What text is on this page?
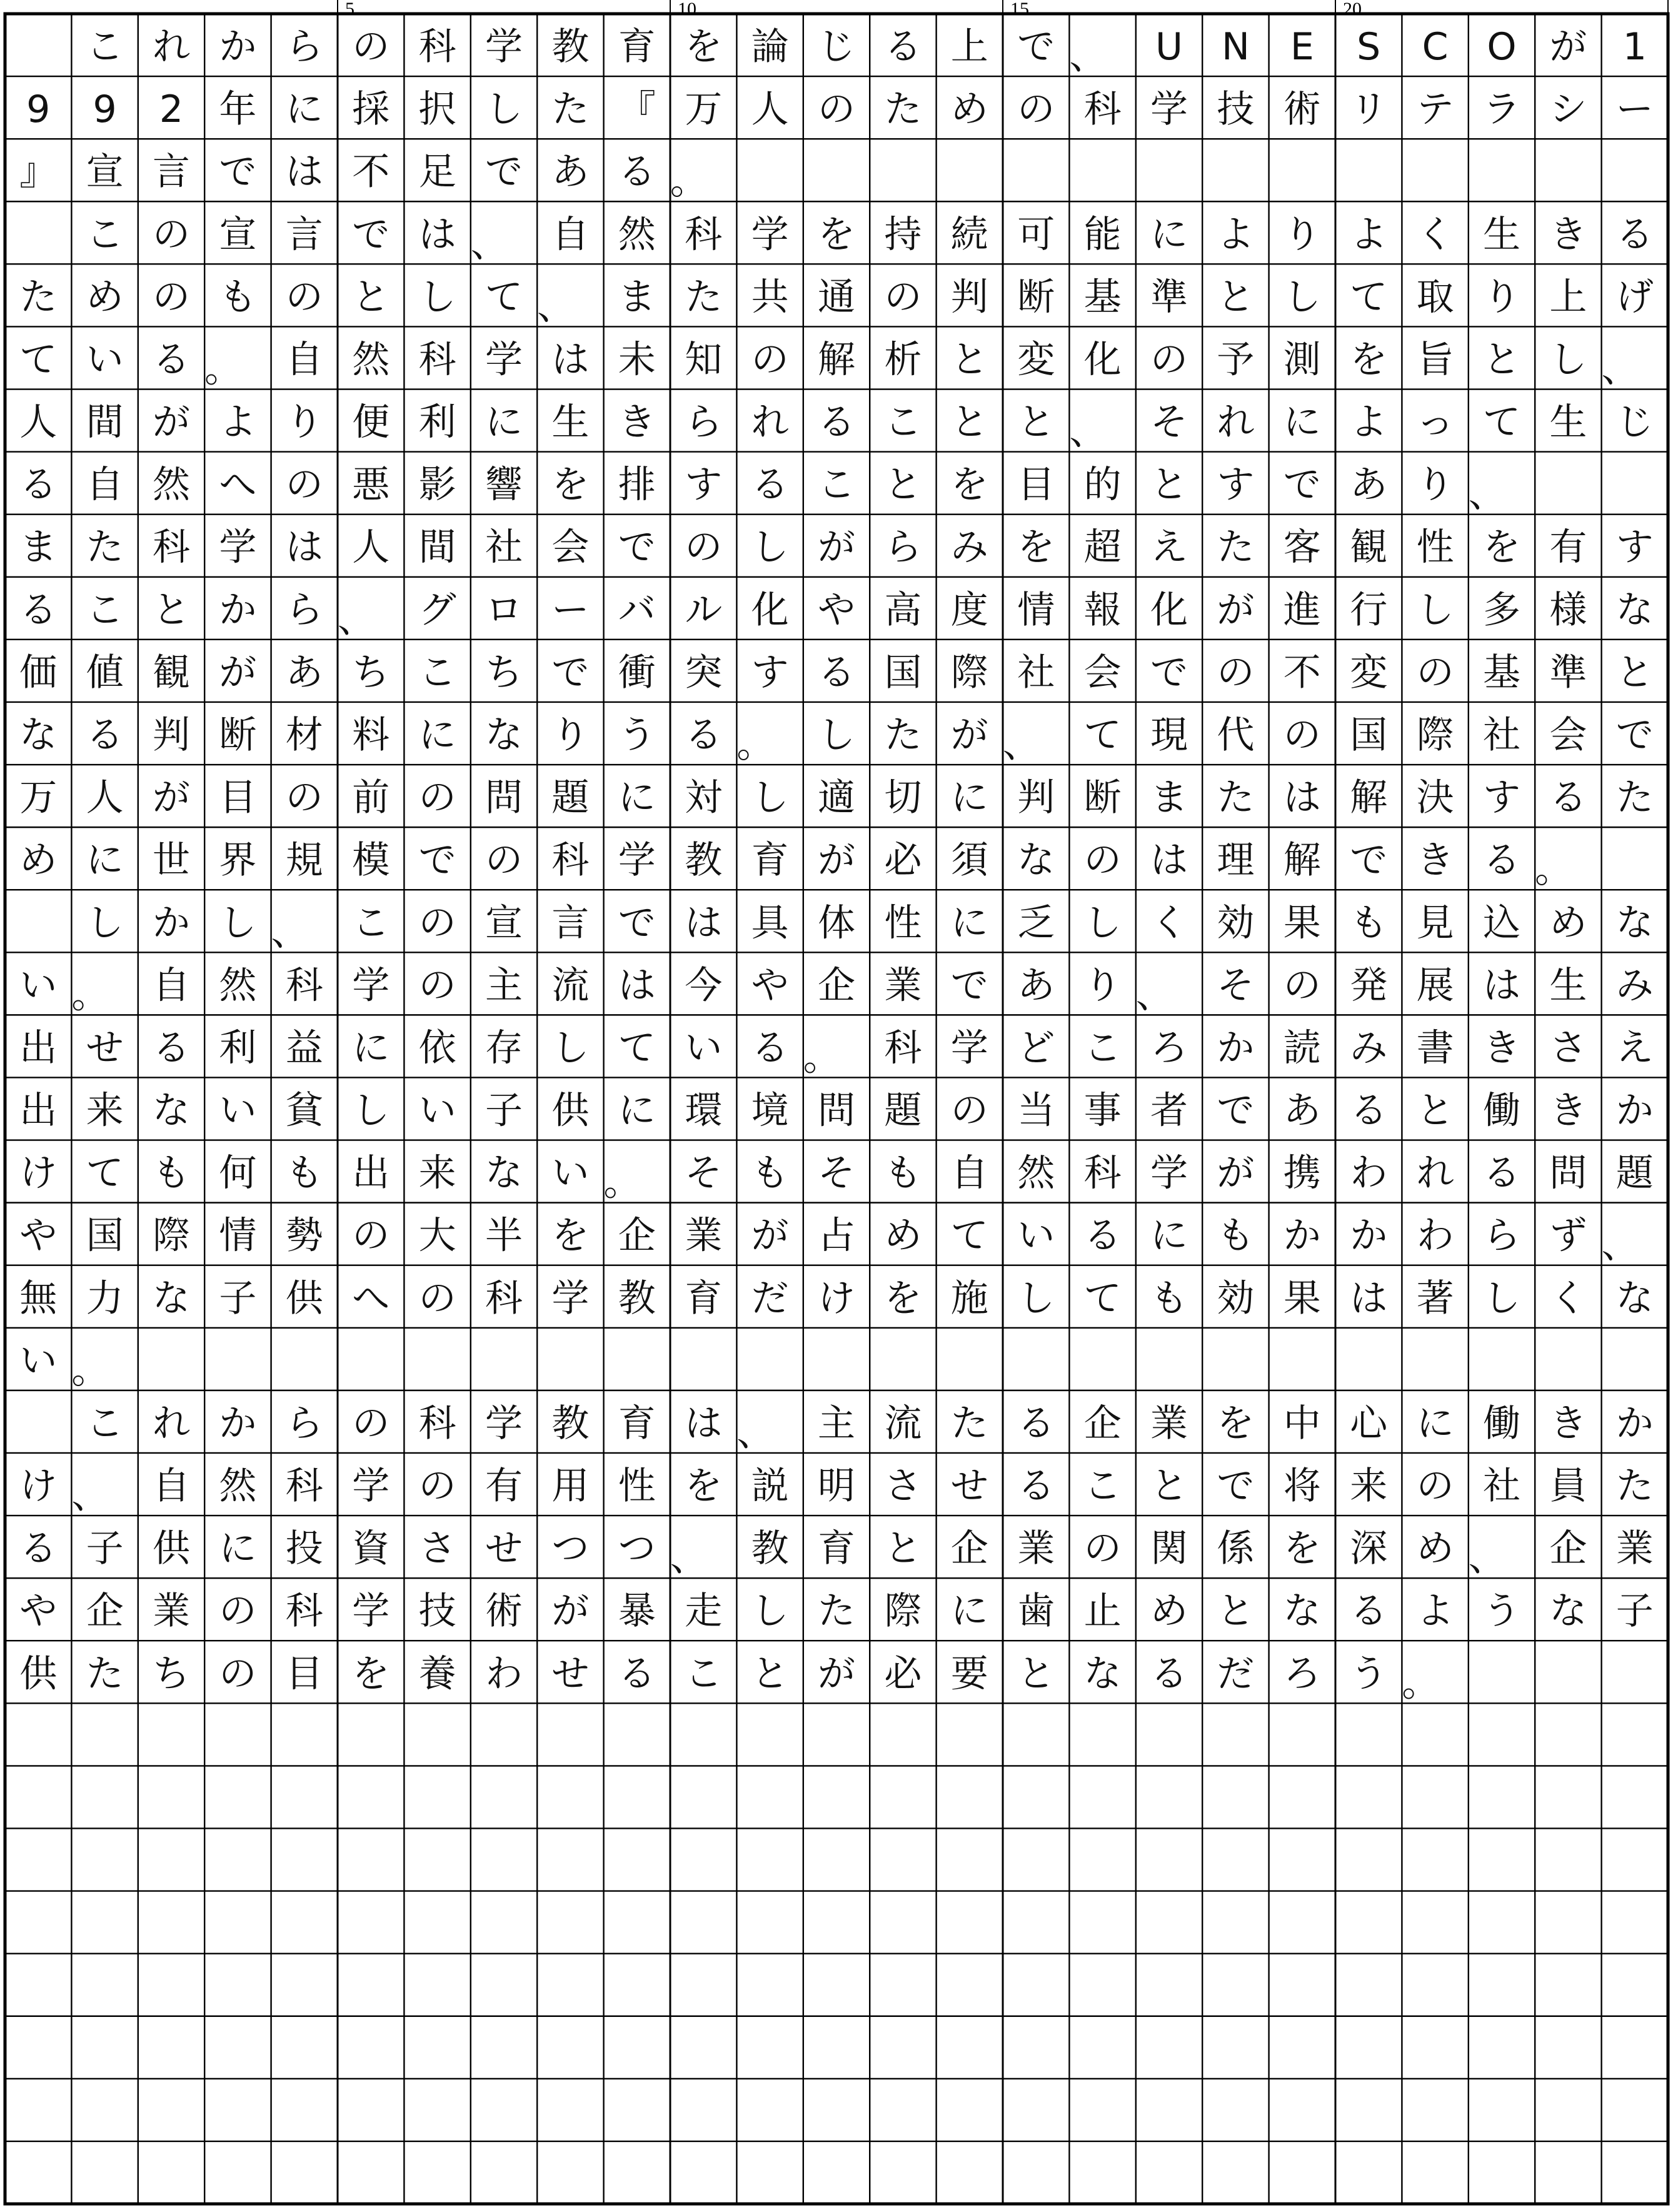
5	10	15	20
こ れ か ら の 科 学 教 育 を 論 じ る 上 で 、 U N E S C O が 1
9 9 2 年 に 採 択 し た 『 万 人 の た め の 科 学 技 術 リ テ ラ シ ー
』 宣 言 で は 不 足 で あ る 。
こ の 宣 言 で は 、 自 然 科 学 を 持 続 可 能 に よ り よ く 生 き る
た め の も の と し て 、 ま た 共 通 の 判 断 基 準 と し て 取 り 上 げ
て い る 。 自 然 科 学 は 未 知 の 解 析 と 変 化 の 予 測 を 旨 と し 、
人 間 が よ り 便 利 に 生 き ら れ る こ と と 、 そ れ に よ っ て 生 じ
る 自 然 へ の 悪 影 響 を 排 す る こ と を 目 的 と す で あ り 、
ま た 科 学 は 人 間 社 会 で の し が ら み を 超 え た 客 観 性 を 有 す
る こ と か ら 、 グ ロ ー バ ル 化 や 高 度 情 報 化 が 進 行 し 多 様 な
価 値 観 が あ ち こ ち で 衝 突 す る 国 際 社 会 で の 不 変 の 基 準 と
な る 判 断 材 料 に な り う る 。 し た が 、 て 現 代 の 国 際 社 会 で
万 人 が 目 の 前 の 問 題 に 対 し 適 切 に 判 断 ま た は 解 決 す る た
め に 世 界 規 模 で の 科 学 教 育 が 必 須 な の は 理 解 で き る 。
し か し 、 こ の 宣 言 で は 具 体 性 に 乏 し く 効 果 も 見 込 め な
い 。 自 然 科 学 の 主 流 は 今 や 企 業 で あ り 、 そ の 発 展 は 生 み
出 せ る 利 益 に 依 存 し て い る 。 科 学 ど こ ろ か 読 み 書 き さ え
出 来 な い 貧 し い 子 供 に 環 境 問 題 の 当 事 者 で あ る と 働 き か
け て も 何 も 出 来 な い 。 そ も そ も 自 然 科 学 が 携 わ れ る 問 題
や 国 際 情 勢 の 大 半 を 企 業 が 占 め て い る に も か か わ ら ず 、
無 力 な 子 供 へ の 科 学 教 育 だ け を 施 し て も 効 果 は 著 し く な
い 。
こ れ か ら の 科 学 教 育 は 、 主 流 た る 企 業 を 中 心 に 働 き か
け 、 自 然 科 学 の 有 用 性 を 説 明 さ せ る こ と で 将 来 の 社 員 た
る 子 供 に 投 資 さ せ つ つ 、 教 育 と 企 業 の 関 係 を 深 め 、 企 業
や 企 業 の 科 学 技 術 が 暴 走 し た 際 に 歯 止 め と な る よ う な 子
供 た ち の 目 を 養 わ せ る こ と が 必 要 と な る だ ろ う 。
